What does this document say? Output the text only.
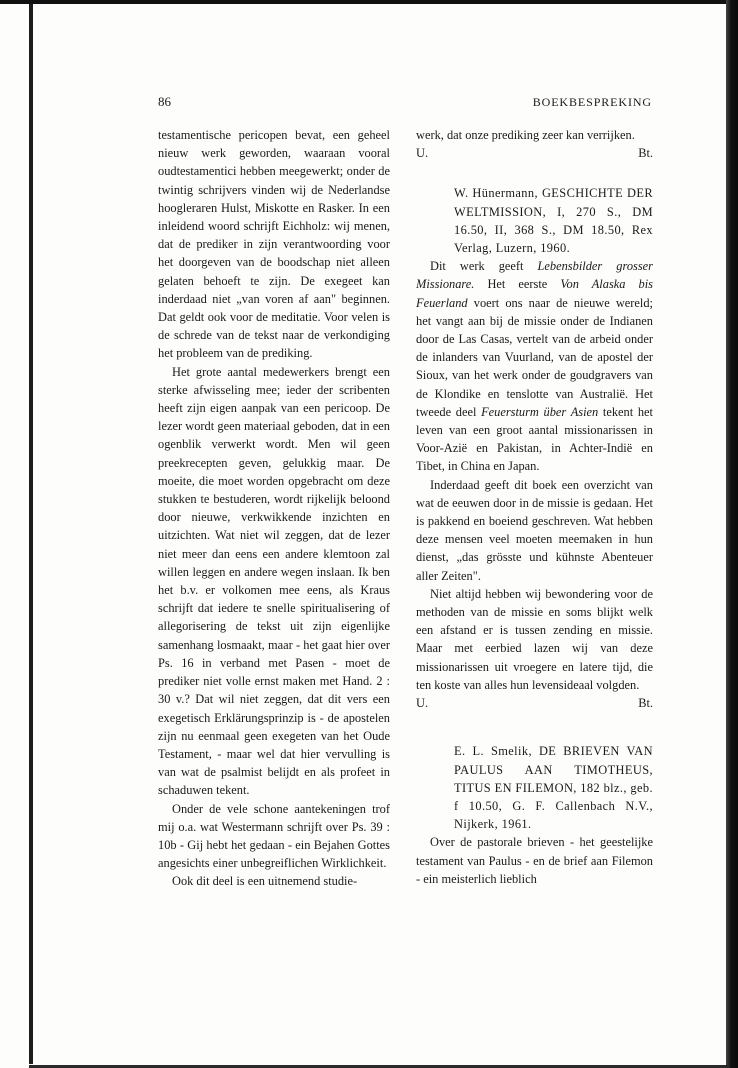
86	BOEKBESPREKING

testamentische pericopen bevat, een geheel nieuw werk geworden, waaraan vooral oudtestamentici hebben meegewerkt; onder de twintig schrijvers vinden wij de Nederlandse hoogleraren Hulst, Miskotte en Rasker. In een inleidend woord schrijft Eichholz: wij menen, dat de prediker in zijn verantwoording voor het doorgeven van de boodschap niet alleen gelaten behoeft te zijn. De exegeet kan inderdaad niet „van voren af aan" beginnen. Dat geldt ook voor de meditatie. Voor velen is de schrede van de tekst naar de verkondiging het probleem van de prediking.

Het grote aantal medewerkers brengt een sterke afwisseling mee; ieder der scribenten heeft zijn eigen aanpak van een pericoop. De lezer wordt geen materiaal geboden, dat in een ogenblik verwerkt wordt. Men wil geen preekrecepten geven, gelukkig maar. De moeite, die moet worden opgebracht om deze stukken te bestuderen, wordt rijkelijk beloond door nieuwe, verkwikkende inzichten en uitzichten. Wat niet wil zeggen, dat de lezer niet meer dan eens een andere klemtoon zal willen leggen en andere wegen inslaan. Ik ben het b.v. er volkomen mee eens, als Kraus schrijft dat iedere te snelle spiritualisering of allegorisering de tekst uit zijn eigenlijke samenhang losmaakt, maar - het gaat hier over Ps. 16 in verband met Pasen - moet de prediker niet volle ernst maken met Hand. 2 : 30 v.? Dat wil niet zeggen, dat dit vers een exegetisch Erklärungsprinzip is - de apostelen zijn nu eenmaal geen exegeten van het Oude Testament, - maar wel dat hier vervulling is van wat de psalmist belijdt en als profeet in schaduwen tekent.

Onder de vele schone aantekeningen trof mij o.a. wat Westermann schrijft over Ps. 39 : 10b - Gij hebt het gedaan - ein Bejahen Gottes angesichts einer unbegreiflichen Wirklichkeit.

Ook dit deel is een uitnemend studie-

werk, dat onze prediking zeer kan verrijken.

U.	Bt.

W. Hünermann, GESCHICHTE DER WELTMISSION, I, 270 S., DM 16.50, II, 368 S., DM 18.50, Rex Verlag, Luzern, 1960.

Dit werk geeft Lebensbilder grosser Missionare. Het eerste Von Alaska bis Feuerland voert ons naar de nieuwe wereld; het vangt aan bij de missie onder de Indianen door de Las Casas, vertelt van de arbeid onder de inlanders van Vuurland, van de apostel der Sioux, van het werk onder de goudgravers van de Klondike en tenslotte van Australië. Het tweede deel Feuersturm über Asien tekent het leven van een groot aantal missionarissen in Voor-Azië en Pakistan, in Achter-Indië en Tibet, in China en Japan.

Inderdaad geeft dit boek een overzicht van wat de eeuwen door in de missie is gedaan. Het is pakkend en boeiend geschreven. Wat hebben deze mensen veel moeten meemaken in hun dienst, „das grösste und kühnste Abenteuer aller Zeiten".

Niet altijd hebben wij bewondering voor de methoden van de missie en soms blijkt welk een afstand er is tussen zending en missie. Maar met eerbied lazen wij van deze missionarissen uit vroegere en latere tijd, die ten koste van alles hun levensideaal volgden.

U.	Bt.

E. L. Smelik, DE BRIEVEN VAN PAULUS AAN TIMOTHEUS, TITUS EN FILEMON, 182 blz., geb. f 10.50, G. F. Callenbach N.V., Nijkerk, 1961.

Over de pastorale brieven - het geestelijke testament van Paulus - en de brief aan Filemon - ein meisterlich lieblich
